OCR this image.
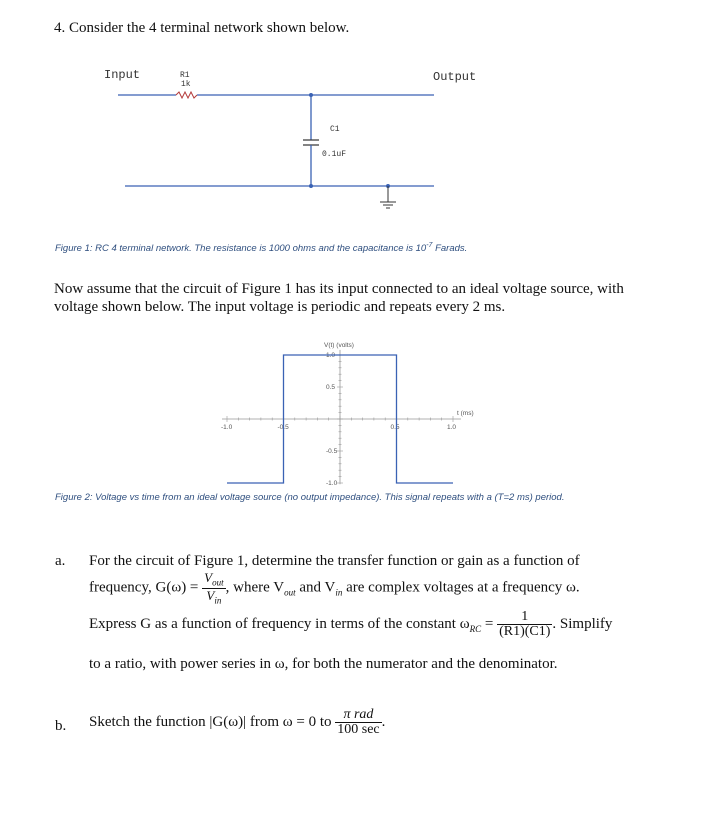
4. Consider the 4 terminal network shown below.
Input	R1
1k
Output
C1
0.1uF
Figure 1: RC 4 terminal network. The resistance is 1000 ohms and the capacitance is $10^{-7}$ Farads.
Now assume that the circuit of Figure 1 has its input connected to an ideal voltage source, with
voltage shown below. The input voltage is periodic and repeats every 2 ms.
-1.0	-0.5	0.5	1.0
1.0
0.5
-0.5
-1.0
t (ms)
V(t) (volts)
Figure 2: Voltage vs time from an ideal voltage source (no output impedance). This signal repeats with a (T=2 ms) period.
a. For the circuit of Figure 1, determine the transfer function or gain as a function of
frequency, $G(\omega) = \frac{V_{out}}{V_{in}}$ , where $V_{out}$ and $V_{in}$ are complex voltages at a frequency ω.
Express G as a function of frequency in terms of the constant $\omega_{RC} = \frac{1}{(R1)(C1)}$ . Simplify
to a ratio, with power series in ω, for both the numerator and the denominator.
b. Sketch the function |G(ω)| from ω = 0 to $\frac{\text{π rad}}{100 \sec}$ .
